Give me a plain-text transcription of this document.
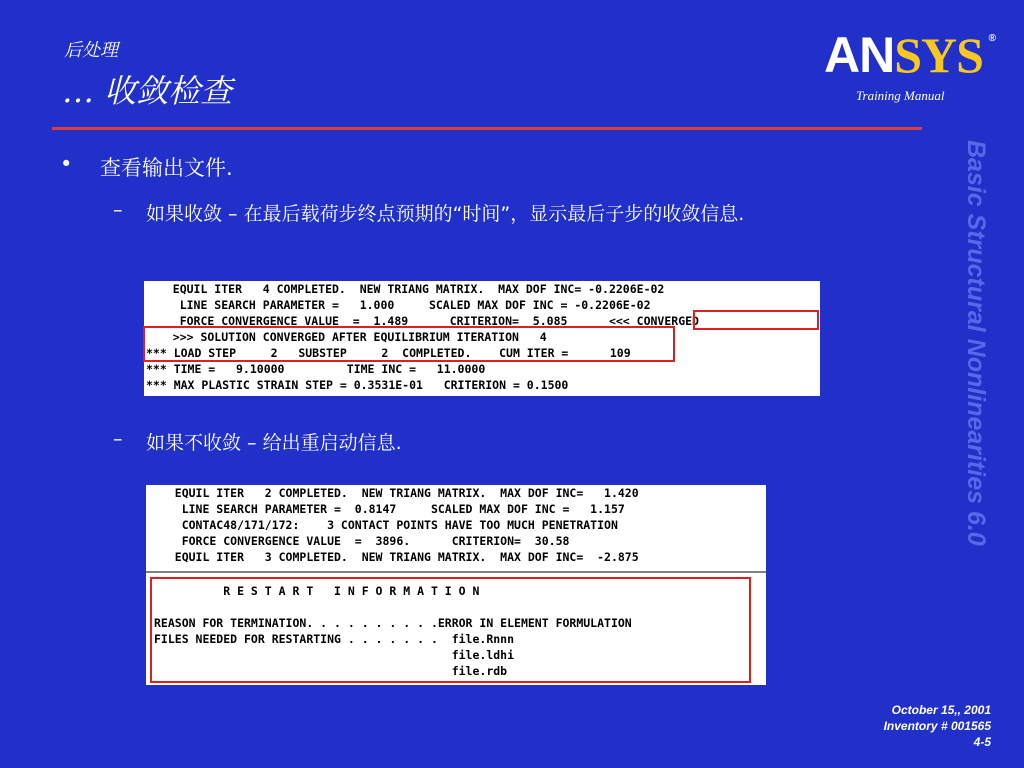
后处理
… 收敛检查
ANSYS ®
Training Manual
Basic Structural Nonlinearities 6.0
• 查看输出文件.
– 如果收敛 – 在最后载荷步终点预期的“时间”，显示最后子步的收敛信息.
EQUIL ITER   4 COMPLETED.  NEW TRIANG MATRIX.  MAX DOF INC= -0.2206E-02
LINE SEARCH PARAMETER =   1.000     SCALED MAX DOF INC = -0.2206E-02
FORCE CONVERGENCE VALUE  =  1.489      CRITERION=  5.085      <<< CONVERGED
>>> SOLUTION CONVERGED AFTER EQUILIBRIUM ITERATION   4
*** LOAD STEP     2   SUBSTEP     2  COMPLETED.    CUM ITER =      109
*** TIME =   9.10000         TIME INC =   11.0000
*** MAX PLASTIC STRAIN STEP = 0.3531E-01   CRITERION = 0.1500
– 如果不收敛 – 给出重启动信息.
EQUIL ITER   2 COMPLETED.  NEW TRIANG MATRIX.  MAX DOF INC=   1.420
LINE SEARCH PARAMETER =  0.8147     SCALED MAX DOF INC =   1.157
CONTAC48/171/172:    3 CONTACT POINTS HAVE TOO MUCH PENETRATION
FORCE CONVERGENCE VALUE  =  3896.      CRITERION=  30.58
EQUIL ITER   3 COMPLETED.  NEW TRIANG MATRIX.  MAX DOF INC=  -2.875
R E S T A R T   I N F O R M A T I O N
REASON FOR TERMINATION. . . . . . . . . .ERROR IN ELEMENT FORMULATION
FILES NEEDED FOR RESTARTING . . . . . . .  file.Rnnn
file.ldhi
file.rdb
October 15,, 2001
Inventory # 001565
4-5
